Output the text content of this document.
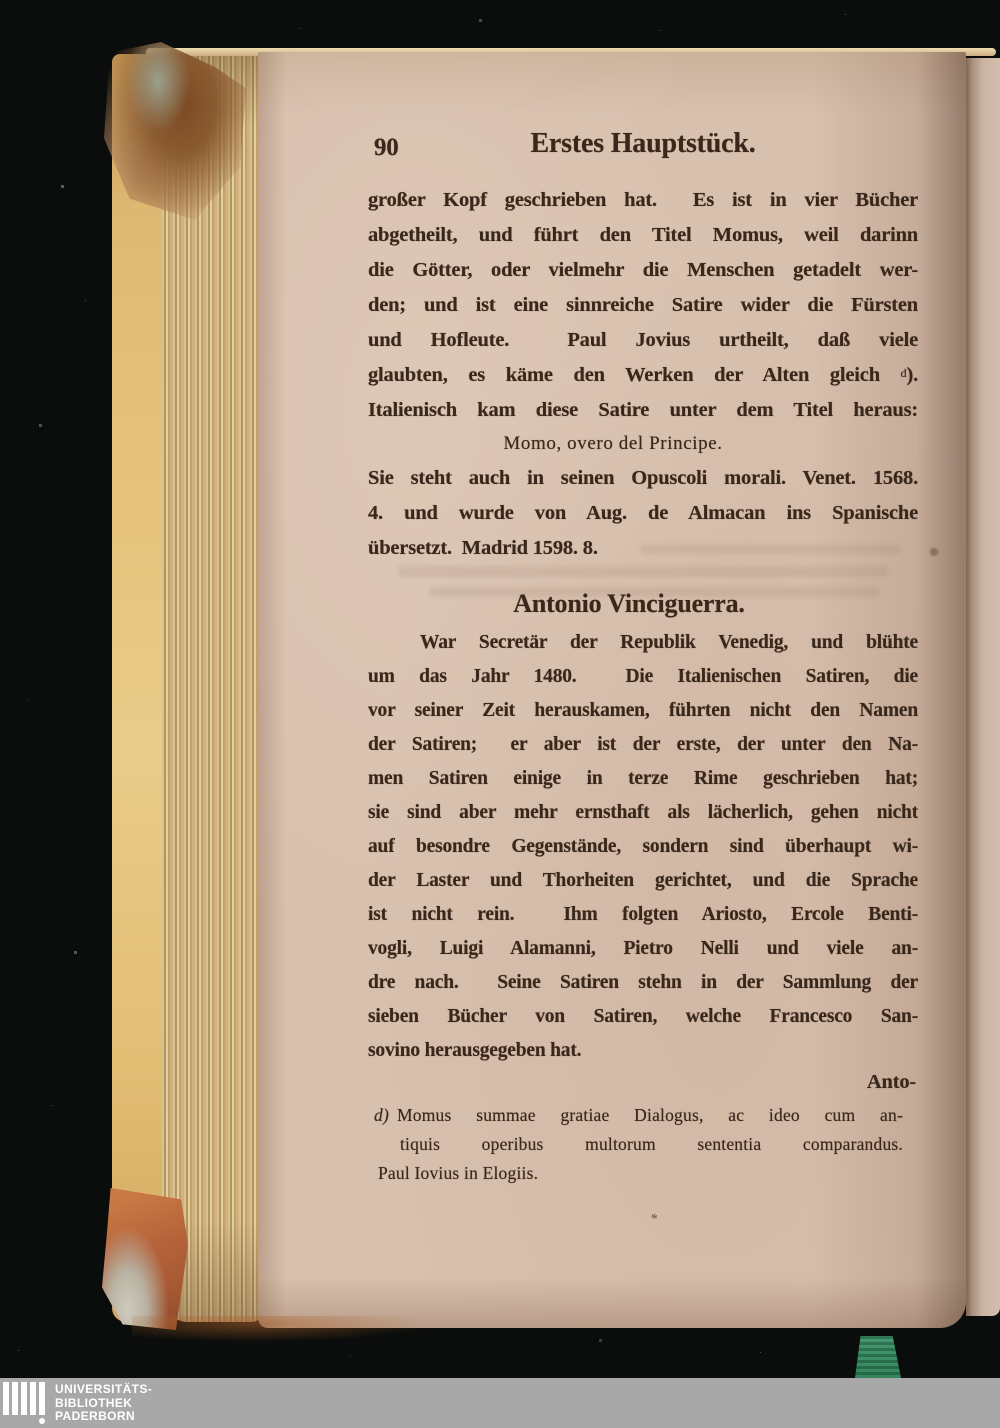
90	Erstes Hauptstück.
großer Kopf geschrieben hat.  Es ist in vier Bücher
abgetheilt, und führt den Titel Momus, weil darinn
die Götter, oder vielmehr die Menschen getadelt wer-
den; und ist eine sinnreiche Satire wider die Fürsten
und Hofleute.  Paul Jovius urtheilt, daß viele
glaubten, es käme den Werken der Alten gleich $^d$).
Italienisch kam diese Satire unter dem Titel heraus:
Momo, overo del Principe.
Sie steht auch in seinen Opuscoli morali. Venet. 1568.
4. und wurde von Aug. de Almacan ins Spanische
übersetzt.  Madrid 1598. 8.
Antonio Vinciguerra.
War Secretär der Republik Venedig, und blühte
um das Jahr 1480.  Die Italienischen Satiren, die
vor seiner Zeit herauskamen, führten nicht den Namen
der Satiren;  er aber ist der erste, der unter den Na-
men Satiren einige in terze Rime geschrieben hat;
sie sind aber mehr ernsthaft als lächerlich, gehen nicht
auf besondre Gegenstände, sondern sind überhaupt wi-
der Laster und Thorheiten gerichtet, und die Sprache
ist nicht rein.  Ihm folgten Ariosto, Ercole Benti-
vogli, Luigi Alamanni, Pietro Nelli und viele an-
dre nach.  Seine Satiren stehn in der Sammlung der
sieben Bücher von Satiren, welche Francesco San-
sovino herausgegeben hat.
Anto-
d) Momus summae gratiae Dialogus, ac ideo cum an-
tiquis operibus multorum sententia comparandus.
Paul Iovius in Elogiis.
*
UNIVERSITÄTS-
BIBLIOTHEK
PADERBORN
